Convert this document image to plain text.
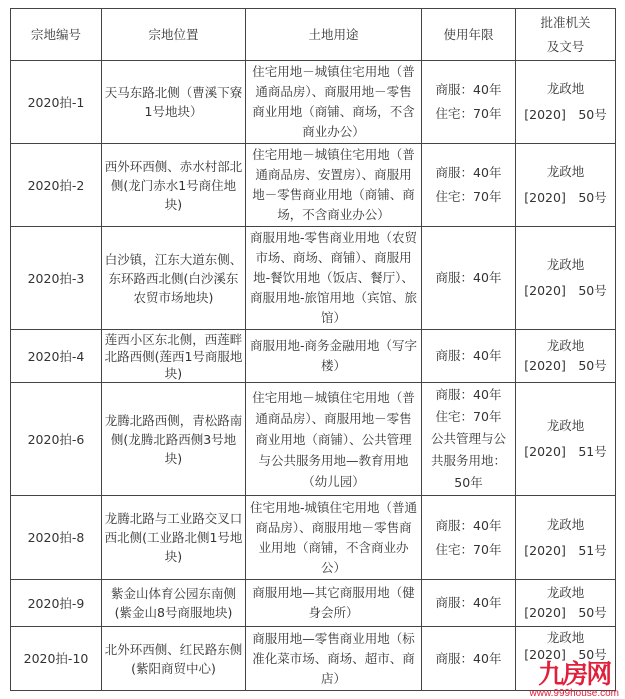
宗地编号	宗地位置	土地用途	使用年限	批准机关
及文号
2020拍-1	天马东路北侧（曹溪下寮
1号地块）	住宅用地－城镇住宅用地（普
通商品房）、商服用地－零售
商业用地（商铺、商场，不含
商业办公）	商服：40年
住宅：70年	龙政地
[2020]　50号
2020拍-2	西外环西侧、赤水村部北
侧(龙门赤水1号商住地
块)	住宅用地－城镇住宅用地（普
通商品房、安置房）、商服用
地－零售商业用地（商铺、商
场，不含商业办公）	商服：40年
住宅：70年	龙政地
[2020]　50号
2020拍-3	白沙镇，江东大道东侧、
东环路西北侧(白沙溪东
农贸市场地块)	商服用地-零售商业用地（农贸
市场、商场、商铺）、商服用
地-餐饮用地（饭店、餐厅）、
商服用地-旅馆用地（宾馆、旅
馆）	商服：40年	龙政地
[2020]　50号
2020拍-4	莲西小区东北侧，西莲畔
北路西侧(莲西1号商服地
块)	商服用地-商务金融用地（写字
楼）	商服：40年	龙政地
[2020]　50号
2020拍-6	龙腾北路西侧，青松路南
侧(龙腾北路西侧3号地
块)	住宅用地－城镇住宅用地（普
通商品房）、商服用地－零售
商业用地（商铺）、公共管理
与公共服务用地—教育用地
（幼儿园）	商服：40年
住宅：70年
公共管理与公
共服务用地：
50年	龙政地
[2020]　51号
2020拍-8	龙腾北路与工业路交叉口
西北侧(工业路北侧1号地
块)	住宅用地-城镇住宅用地（普通
商品房）、商服用地－零售商
业用地（商铺，不含商业办
公）	商服：40年
住宅：70年	龙政地
[2020]　51号
2020拍-9	紫金山体育公园东南侧
(紫金山8号商服地块)	商服用地—其它商服用地（健
身会所）	商服：40年	龙政地
[2020]　50号
2020拍-10	北外环西侧、红民路东侧
(紫阳商贸中心)	商服用地—零售商业用地（标
准化菜市场、商场、超市、商
店）	商服：40年	龙政地
[2020]　50号
九房网
www.999house.com
